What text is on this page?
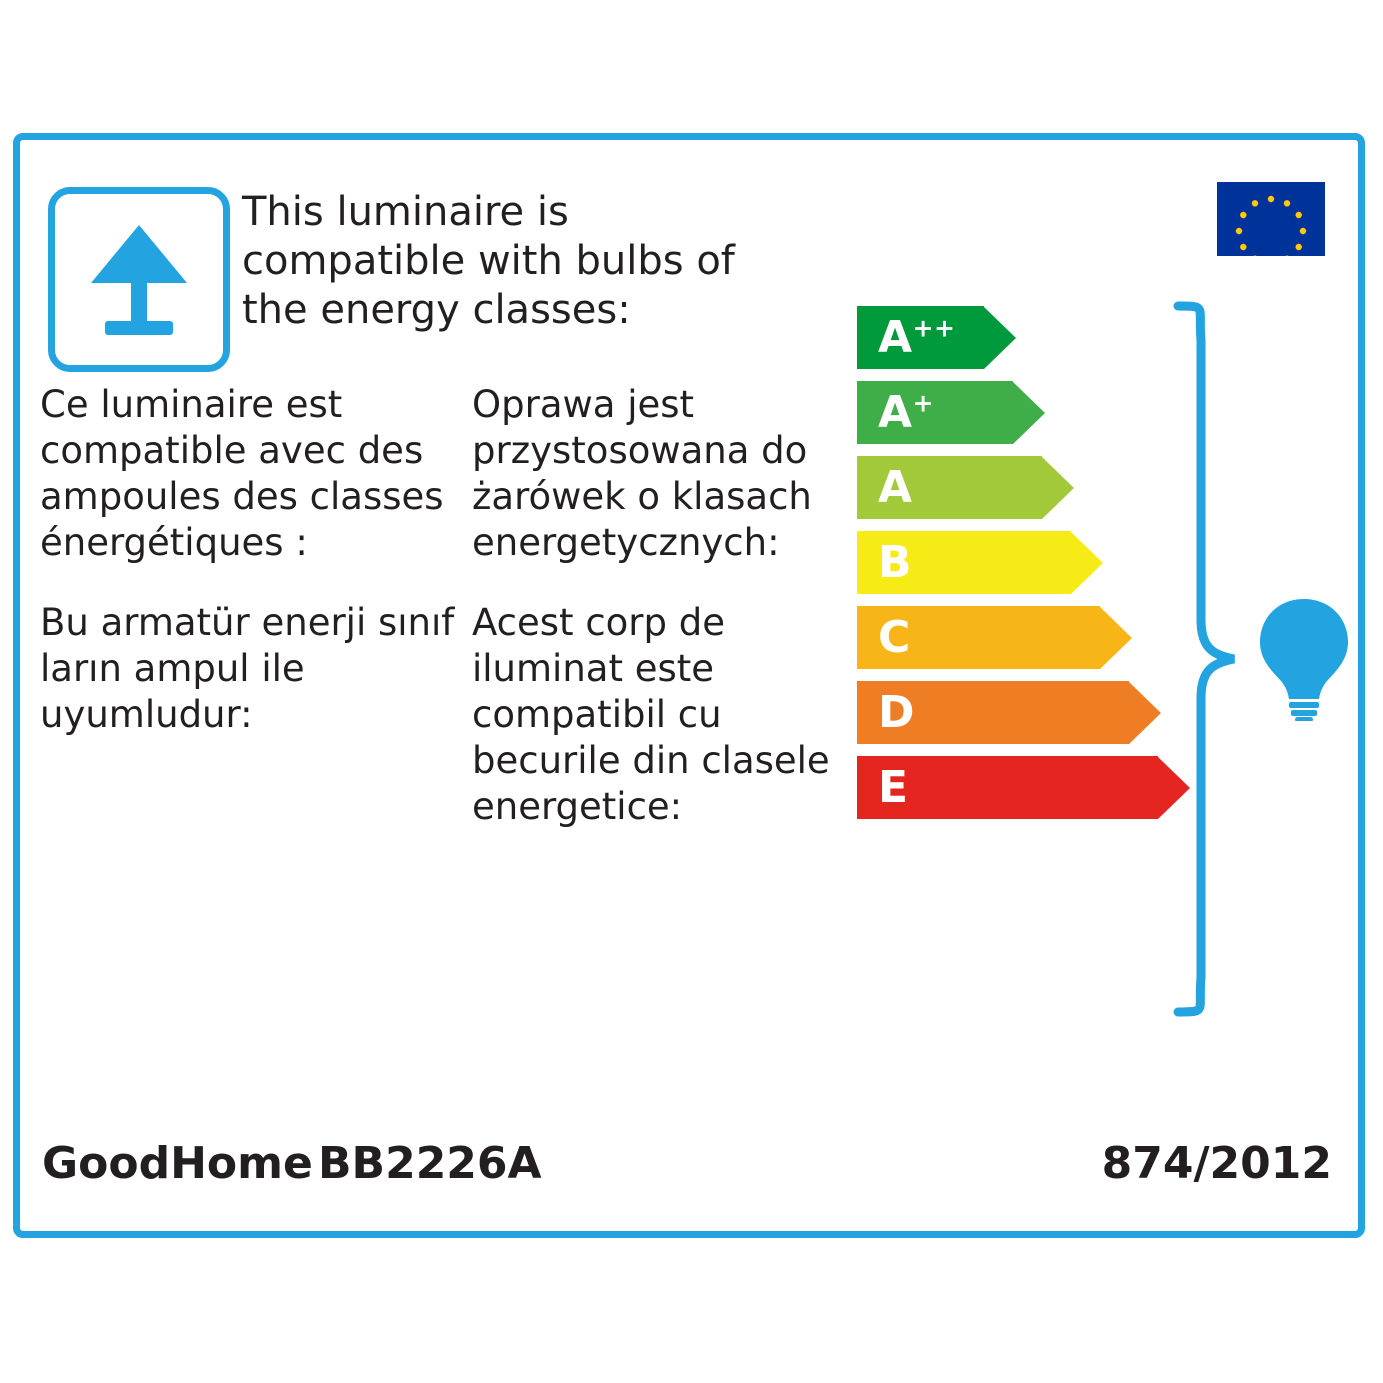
This luminaire is compatible with bulbs of the energy classes:
Ce luminaire est compatible avec des ampoules des classes énergétiques :
Oprawa jest przystosowana do żarówek o klasach energetycznych:
Bu armatür enerji sınıf ların ampul ile uyumludur:
Acest corp de iluminat este compatibil cu becurile din clasele energetice:
A++
A+
A
B
C
D
E
GoodHome BB2226A	874/2012
